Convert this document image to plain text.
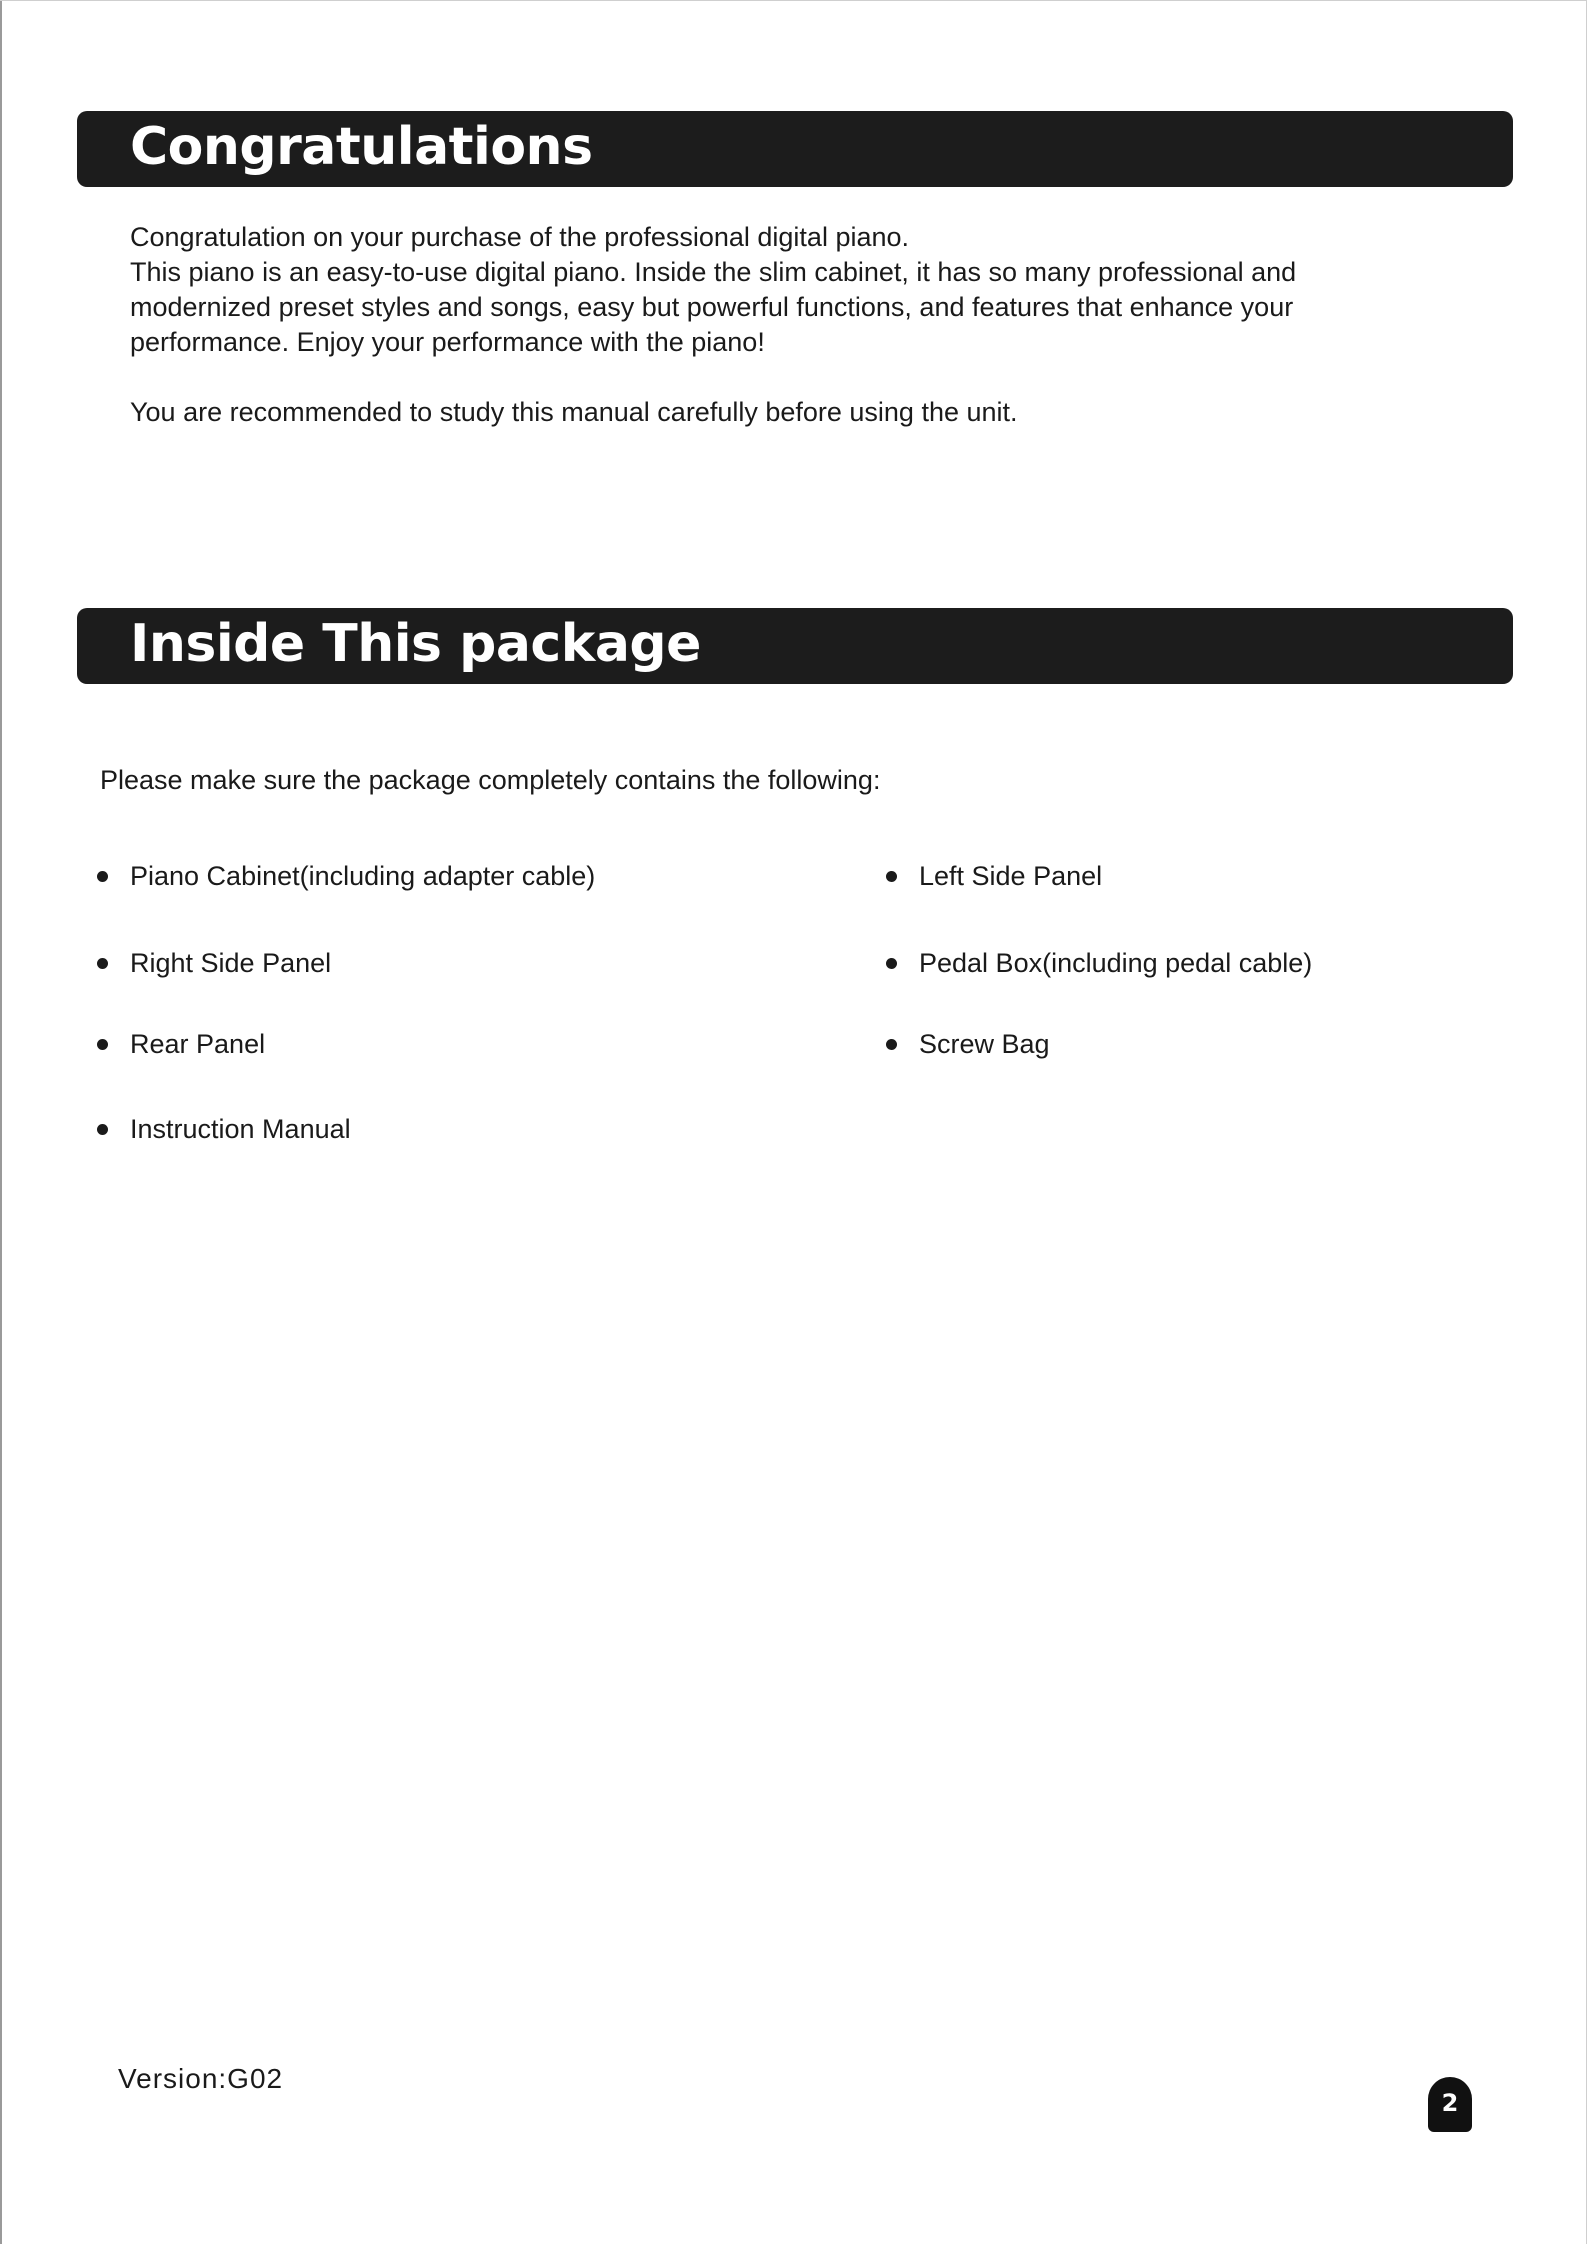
Congratulations

Congratulation on your purchase of the professional digital piano.

This piano is an easy-to-use digital piano. Inside the slim cabinet, it has so many professional and

modernized preset styles and songs, easy but powerful functions, and features that enhance your

performance. Enjoy your performance with the piano!

You are recommended to study this manual carefully before using the unit.

Inside This package
Please make sure the package completely contains the following:
Piano Cabinet(including adapter cable)	Left Side Panel
Right Side Panel	Pedal Box(including pedal cable)
Rear Panel	Screw Bag
Instruction Manual
Version:G02
2
